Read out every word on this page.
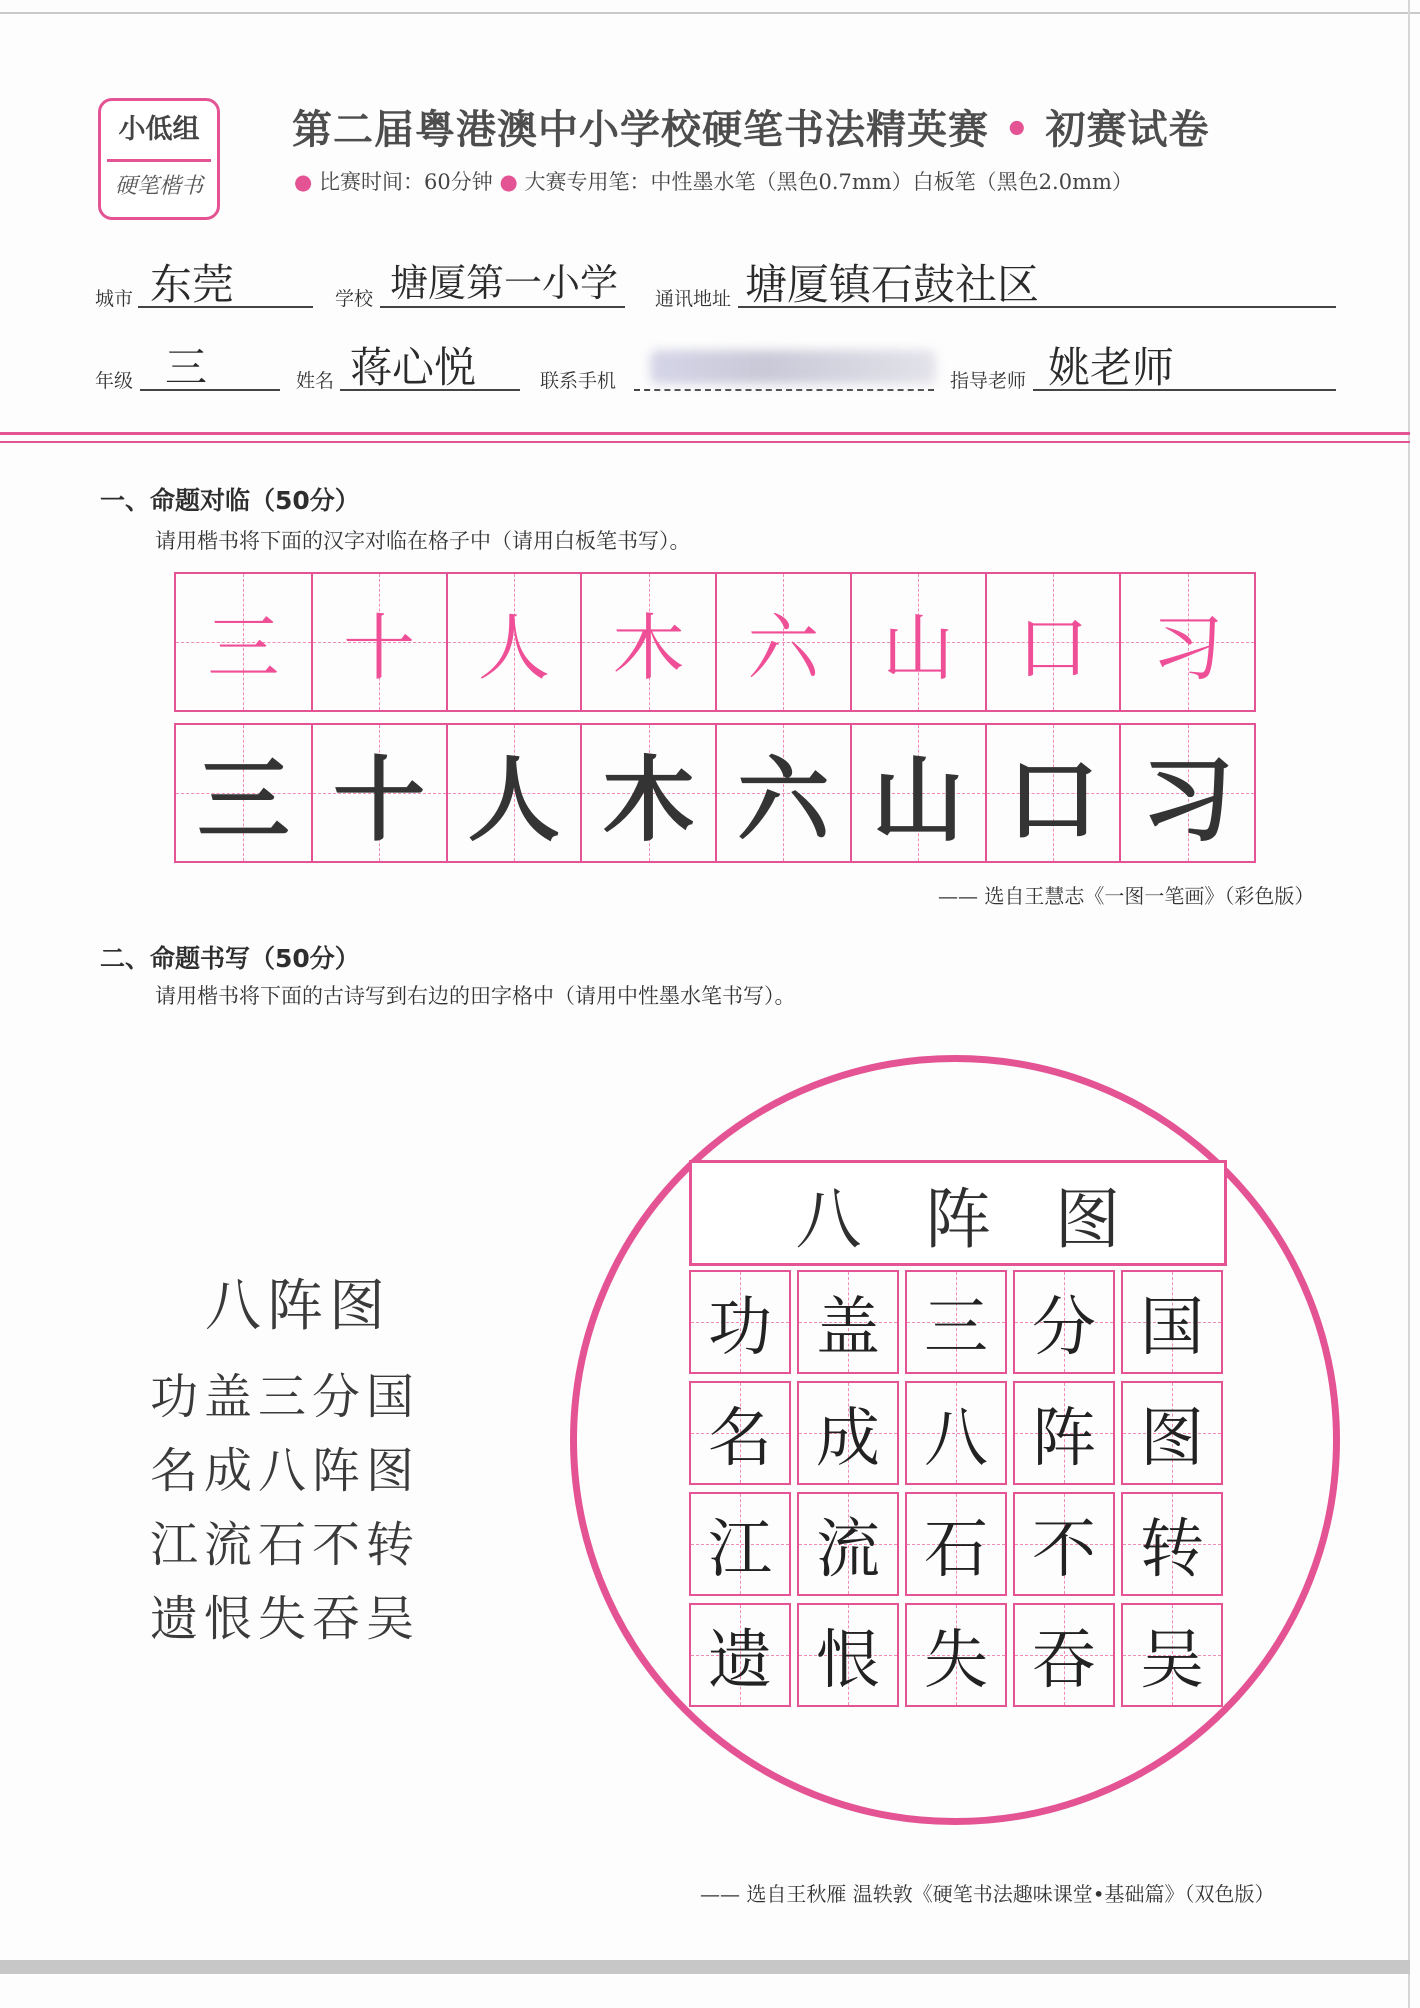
小低组
硬笔楷书
第二届粤港澳中小学校硬笔书法精英赛 • 初赛试卷
● 比赛时间：60分钟 ● 大赛专用笔：中性墨水笔（黑色0.7mm）白板笔（黑色2.0mm）
城市 东莞	学校 塘厦第一小学 通讯地址 塘厦镇石鼓社区
年级 三	姓名 蒋心悦	联系手机	指导老师 姚老师
一、命题对临（50分）
请用楷书将下面的汉字对临在格子中（请用白板笔书写）。
三 十 人 木 六 山 口 习
三 十 人 木 六 山 口 习
—— 选自王慧志《一图一笔画》（彩色版）
二、命题书写（50分）
请用楷书将下面的古诗写到右边的田字格中（请用中性墨水笔书写）。
八阵图
功盖三分国
名成八阵图
江流石不转
遗恨失吞吴
八 阵 图
功 盖 三 分 国
名 成 八 阵 图
江 流 石 不 转
遗 恨 失 吞 吴
—— 选自王秋雁 温轶敦《硬笔书法趣味课堂•基础篇》（双色版）
